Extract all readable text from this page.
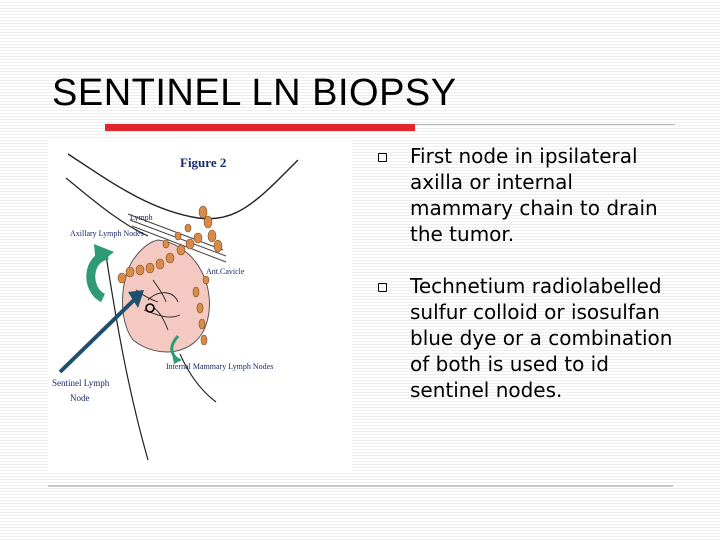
SENTINEL LN BIOPSY
Figure 2
Lymph
Axillary Lymph Nodes
Ant.Cavicle
Internal Mammary Lymph Nodes
Sentinel Lymph
Node
First node in ipsilateral axilla or internal mammary chain to drain the tumor.
Technetium radiolabelled sulfur colloid or isosulfan blue dye or a combination of both is used to id sentinel nodes.
